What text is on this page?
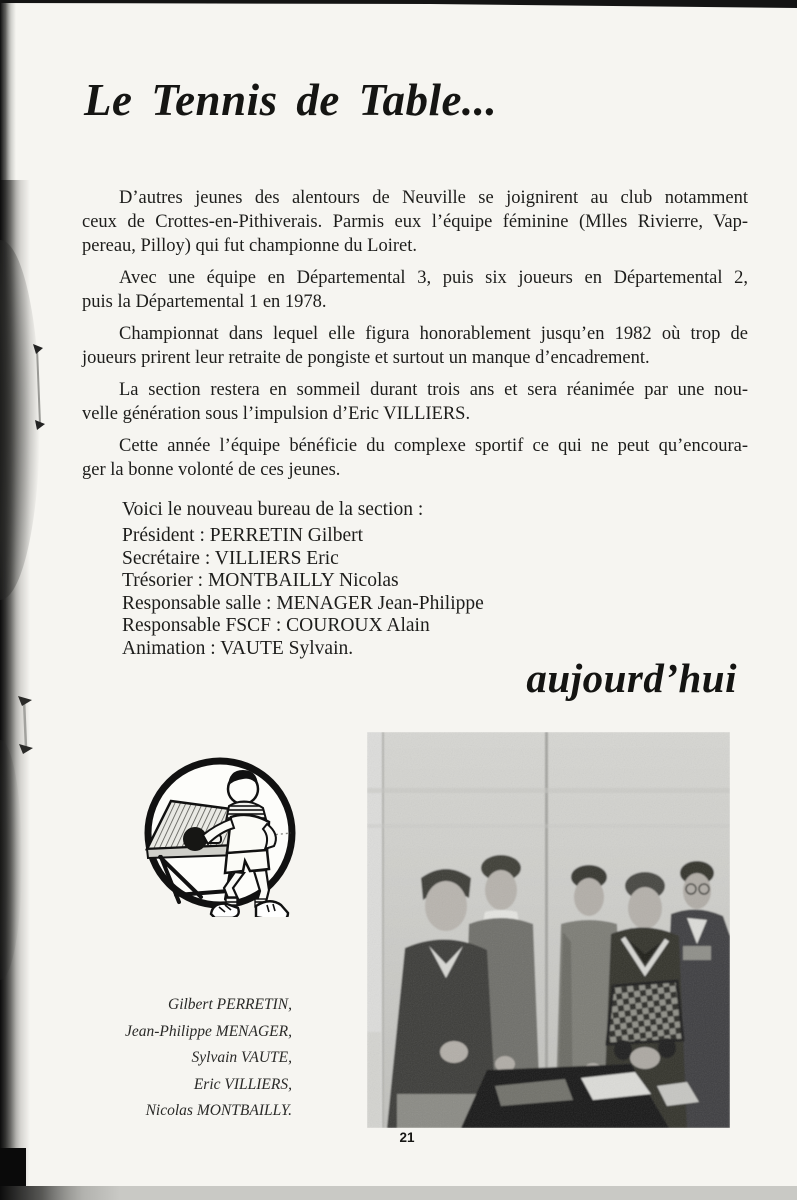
Le Tennis de Table...
D’autres jeunes des alentours de Neuville se joignirent au club notamment
ceux de Crottes-en-Pithiverais. Parmis eux l’équipe féminine (Mlles Rivierre, Vap-
pereau, Pilloy) qui fut championne du Loiret.
Avec une équipe en Départemental 3, puis six joueurs en Départemental 2,
puis la Départemental 1 en 1978.
Championnat dans lequel elle figura honorablement jusqu’en 1982 où trop de
joueurs prirent leur retraite de pongiste et surtout un manque d’encadrement.
La section restera en sommeil durant trois ans et sera réanimée par une nou-
velle génération sous l’impulsion d’Eric VILLIERS.
Cette année l’équipe bénéficie du complexe sportif ce qui ne peut qu’encoura-
ger la bonne volonté de ces jeunes.
Voici le nouveau bureau de la section :
Président : PERRETIN Gilbert
Secrétaire : VILLIERS Eric
Trésorier : MONTBAILLY Nicolas
Responsable salle : MENAGER Jean-Philippe
Responsable FSCF : COUROUX Alain
Animation : VAUTE Sylvain.
aujourd’hui
Gilbert PERRETIN,
Jean-Philippe MENAGER,
Sylvain VAUTE,
Eric VILLIERS,
Nicolas MONTBAILLY.
21
